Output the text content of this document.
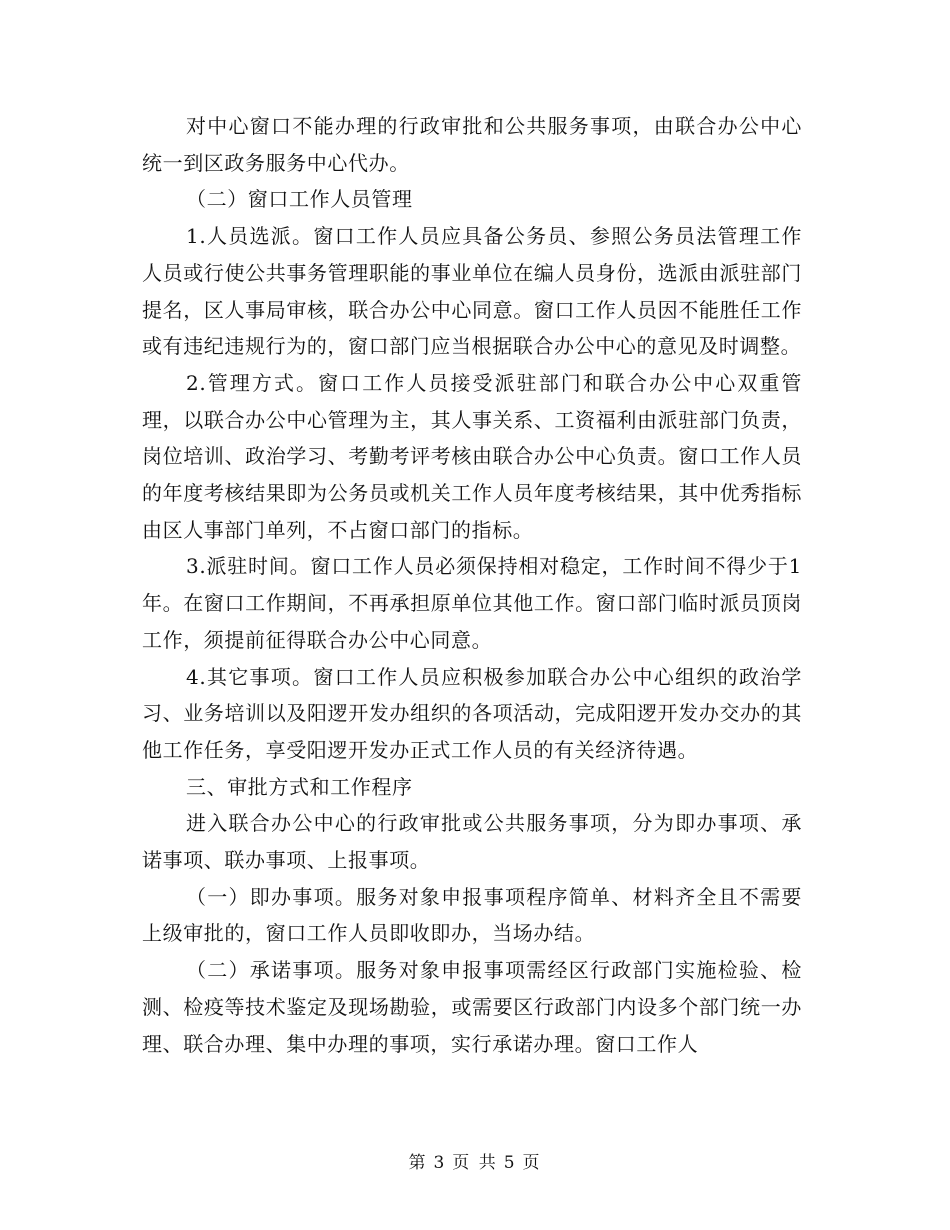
对中心窗口不能办理的行政审批和公共服务事项，由联合办公中心统一到区政务服务中心代办。

（二）窗口工作人员管理

1.人员选派。窗口工作人员应具备公务员、参照公务员法管理工作人员或行使公共事务管理职能的事业单位在编人员身份，选派由派驻部门提名，区人事局审核，联合办公中心同意。窗口工作人员因不能胜任工作或有违纪违规行为的，窗口部门应当根据联合办公中心的意见及时调整。

2.管理方式。窗口工作人员接受派驻部门和联合办公中心双重管理，以联合办公中心管理为主，其人事关系、工资福利由派驻部门负责，岗位培训、政治学习、考勤考评考核由联合办公中心负责。窗口工作人员的年度考核结果即为公务员或机关工作人员年度考核结果，其中优秀指标由区人事部门单列，不占窗口部门的指标。

3.派驻时间。窗口工作人员必须保持相对稳定，工作时间不得少于1年。在窗口工作期间，不再承担原单位其他工作。窗口部门临时派员顶岗工作，须提前征得联合办公中心同意。

4.其它事项。窗口工作人员应积极参加联合办公中心组织的政治学习、业务培训以及阳逻开发办组织的各项活动，完成阳逻开发办交办的其他工作任务，享受阳逻开发办正式工作人员的有关经济待遇。

三、审批方式和工作程序

进入联合办公中心的行政审批或公共服务事项，分为即办事项、承诺事项、联办事项、上报事项。

（一）即办事项。服务对象申报事项程序简单、材料齐全且不需要上级审批的，窗口工作人员即收即办，当场办结。

（二）承诺事项。服务对象申报事项需经区行政部门实施检验、检测、检疫等技术鉴定及现场勘验，或需要区行政部门内设多个部门统一办理、联合办理、集中办理的事项，实行承诺办理。窗口工作人

第 3 页 共 5 页
